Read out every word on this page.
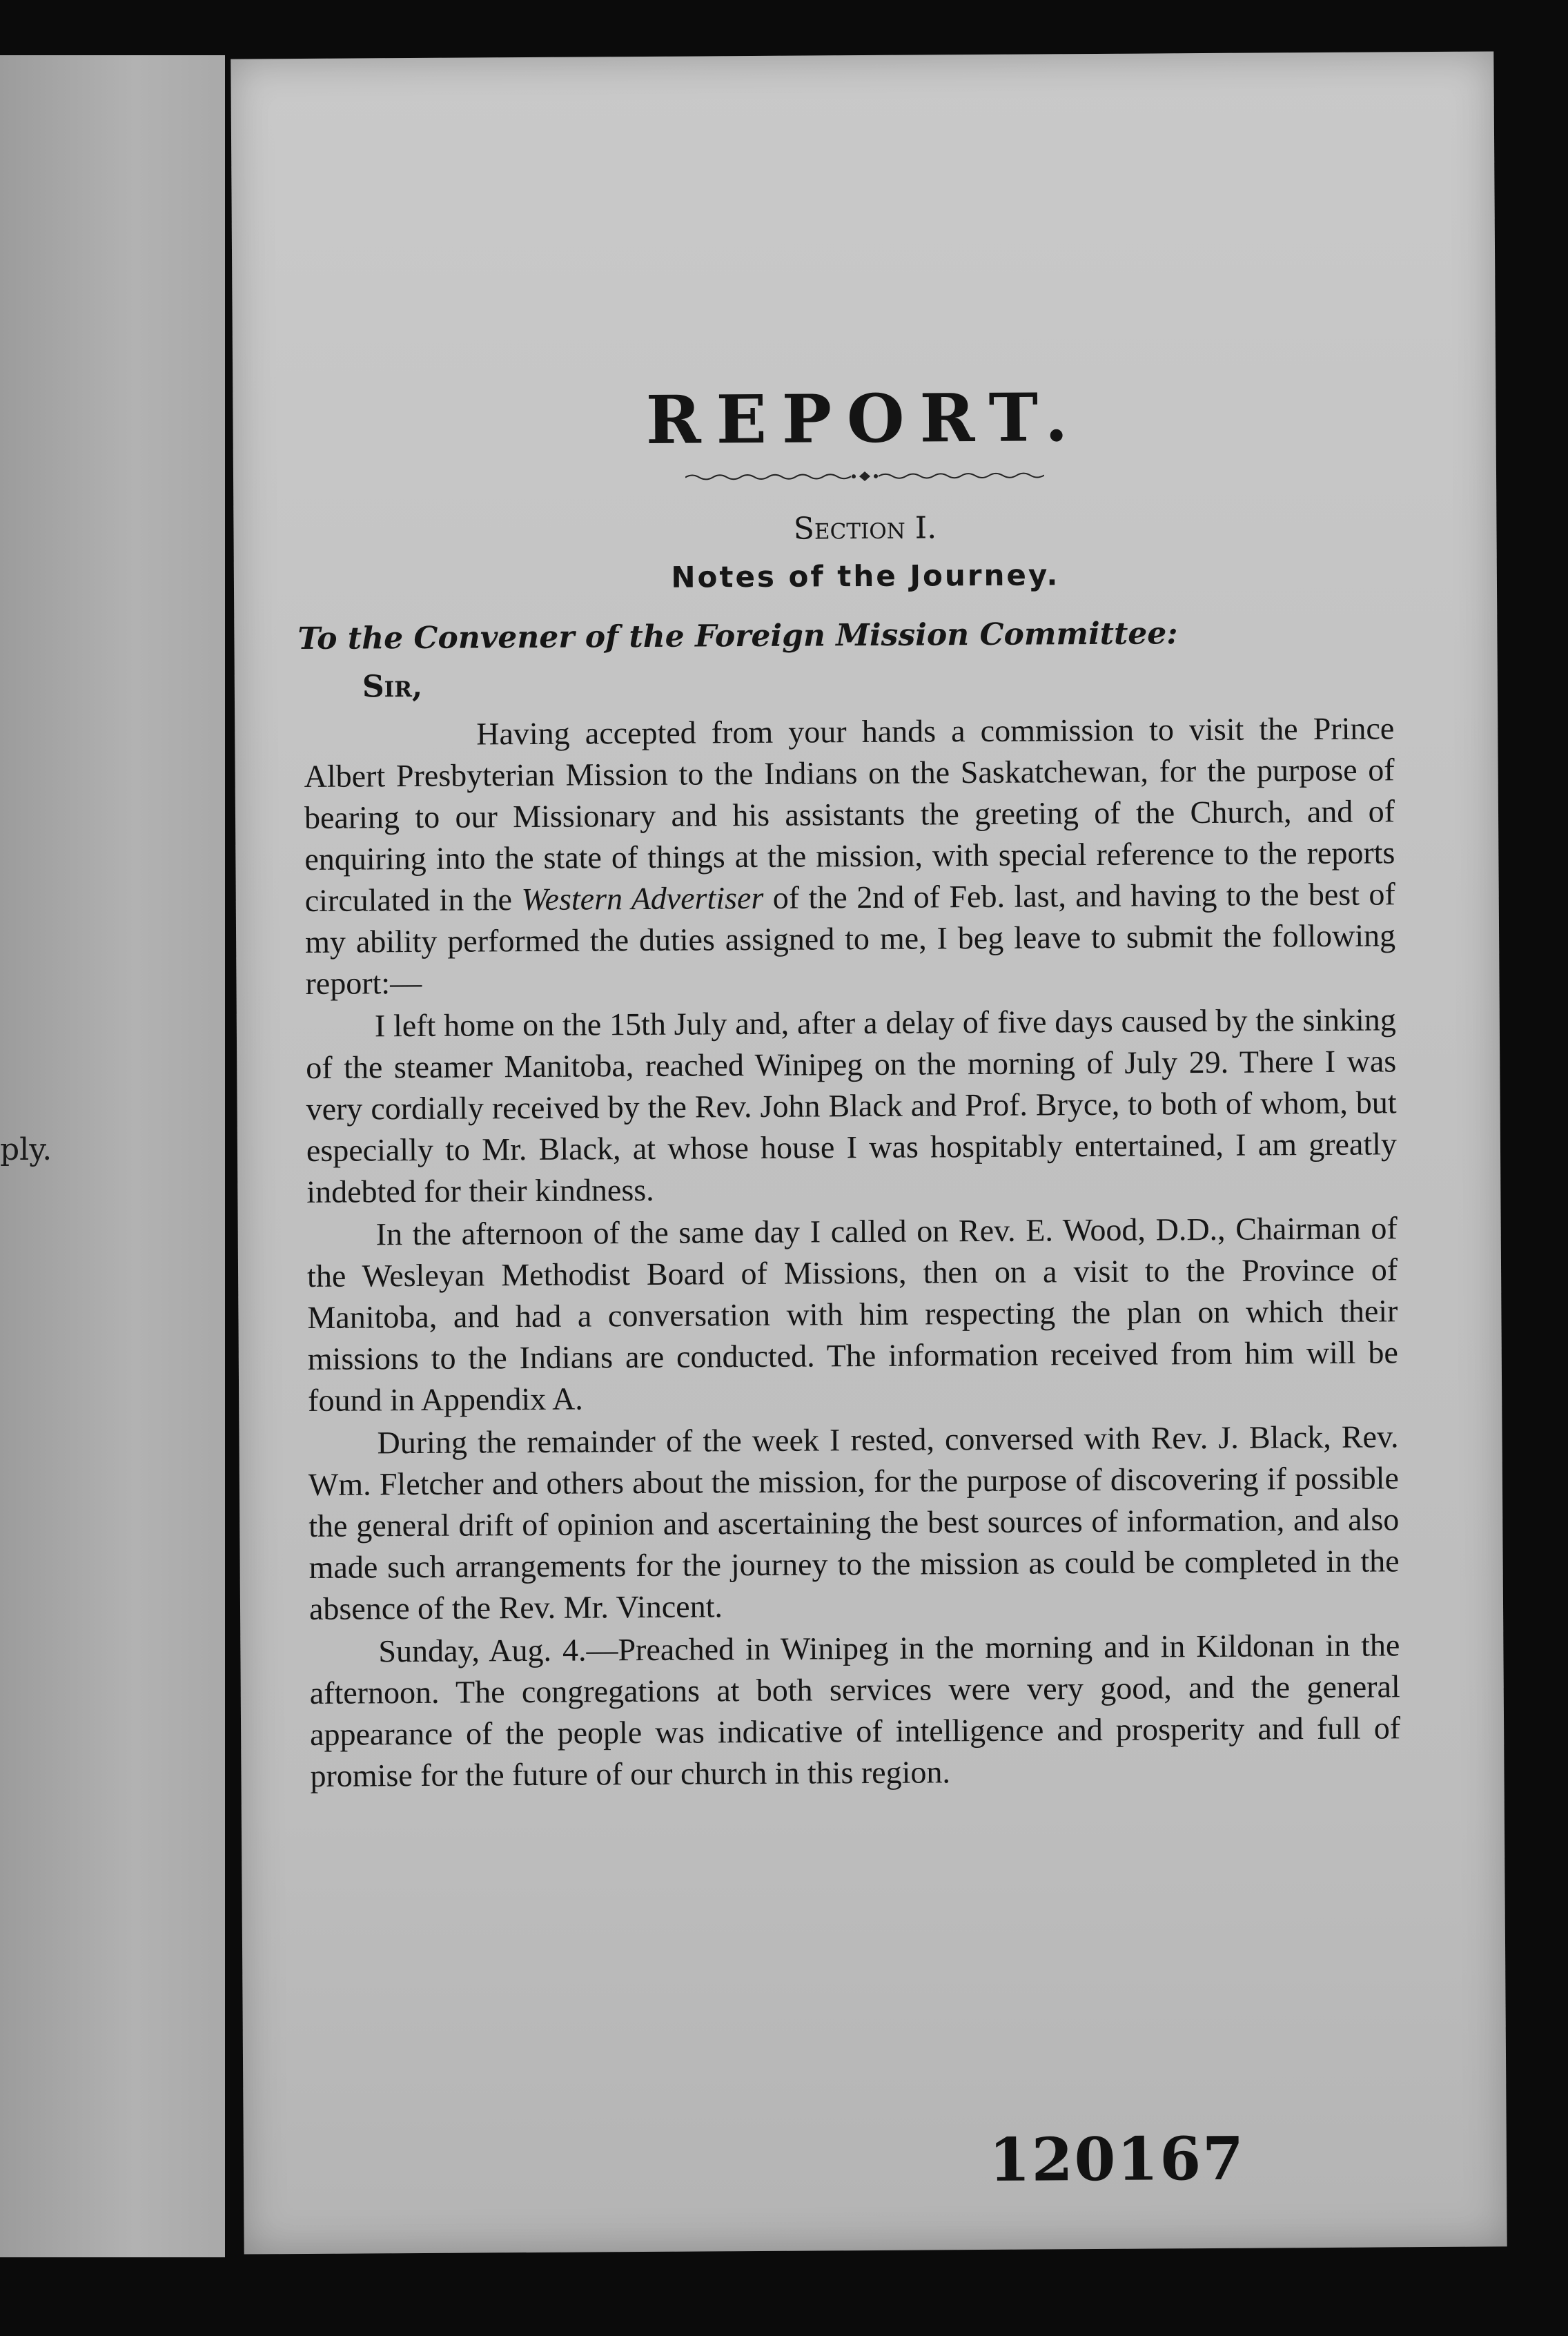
ply.
REPORT.
Section I.
Notes of the Journey.
To the Convener of the Foreign Mission Committee:
Sir,

Having accepted from your hands a commission to visit the Prince Albert Presbyterian Mission to the Indians on the Saskatchewan, for the purpose of bearing to our Missionary and his assistants the greeting of the Church, and of enquiring into the state of things at the mission, with special reference to the reports circulated in the Western Advertiser of the 2nd of Feb. last, and having to the best of my ability performed the duties assigned to me, I beg leave to submit the following report:—

I left home on the 15th July and, after a delay of five days caused by the sinking of the steamer Manitoba, reached Winipeg on the morning of July 29. There I was very cordially received by the Rev. John Black and Prof. Bryce, to both of whom, but especially to Mr. Black, at whose house I was hospitably entertained, I am greatly indebted for their kindness.

In the afternoon of the same day I called on Rev. E. Wood, D.D., Chairman of the Wesleyan Methodist Board of Missions, then on a visit to the Province of Manitoba, and had a conversation with him respecting the plan on which their missions to the Indians are conducted. The information received from him will be found in Appendix A.

During the remainder of the week I rested, conversed with Rev. J. Black, Rev. Wm. Fletcher and others about the mission, for the purpose of discovering if possible the general drift of opinion and ascertaining the best sources of information, and also made such arrangements for the journey to the mission as could be completed in the absence of the Rev. Mr. Vincent.

Sunday, Aug. 4.—Preached in Winipeg in the morning and in Kildonan in the afternoon. The congregations at both services were very good, and the general appearance of the people was indicative of intelligence and prosperity and full of promise for the future of our church in this region.

120167
